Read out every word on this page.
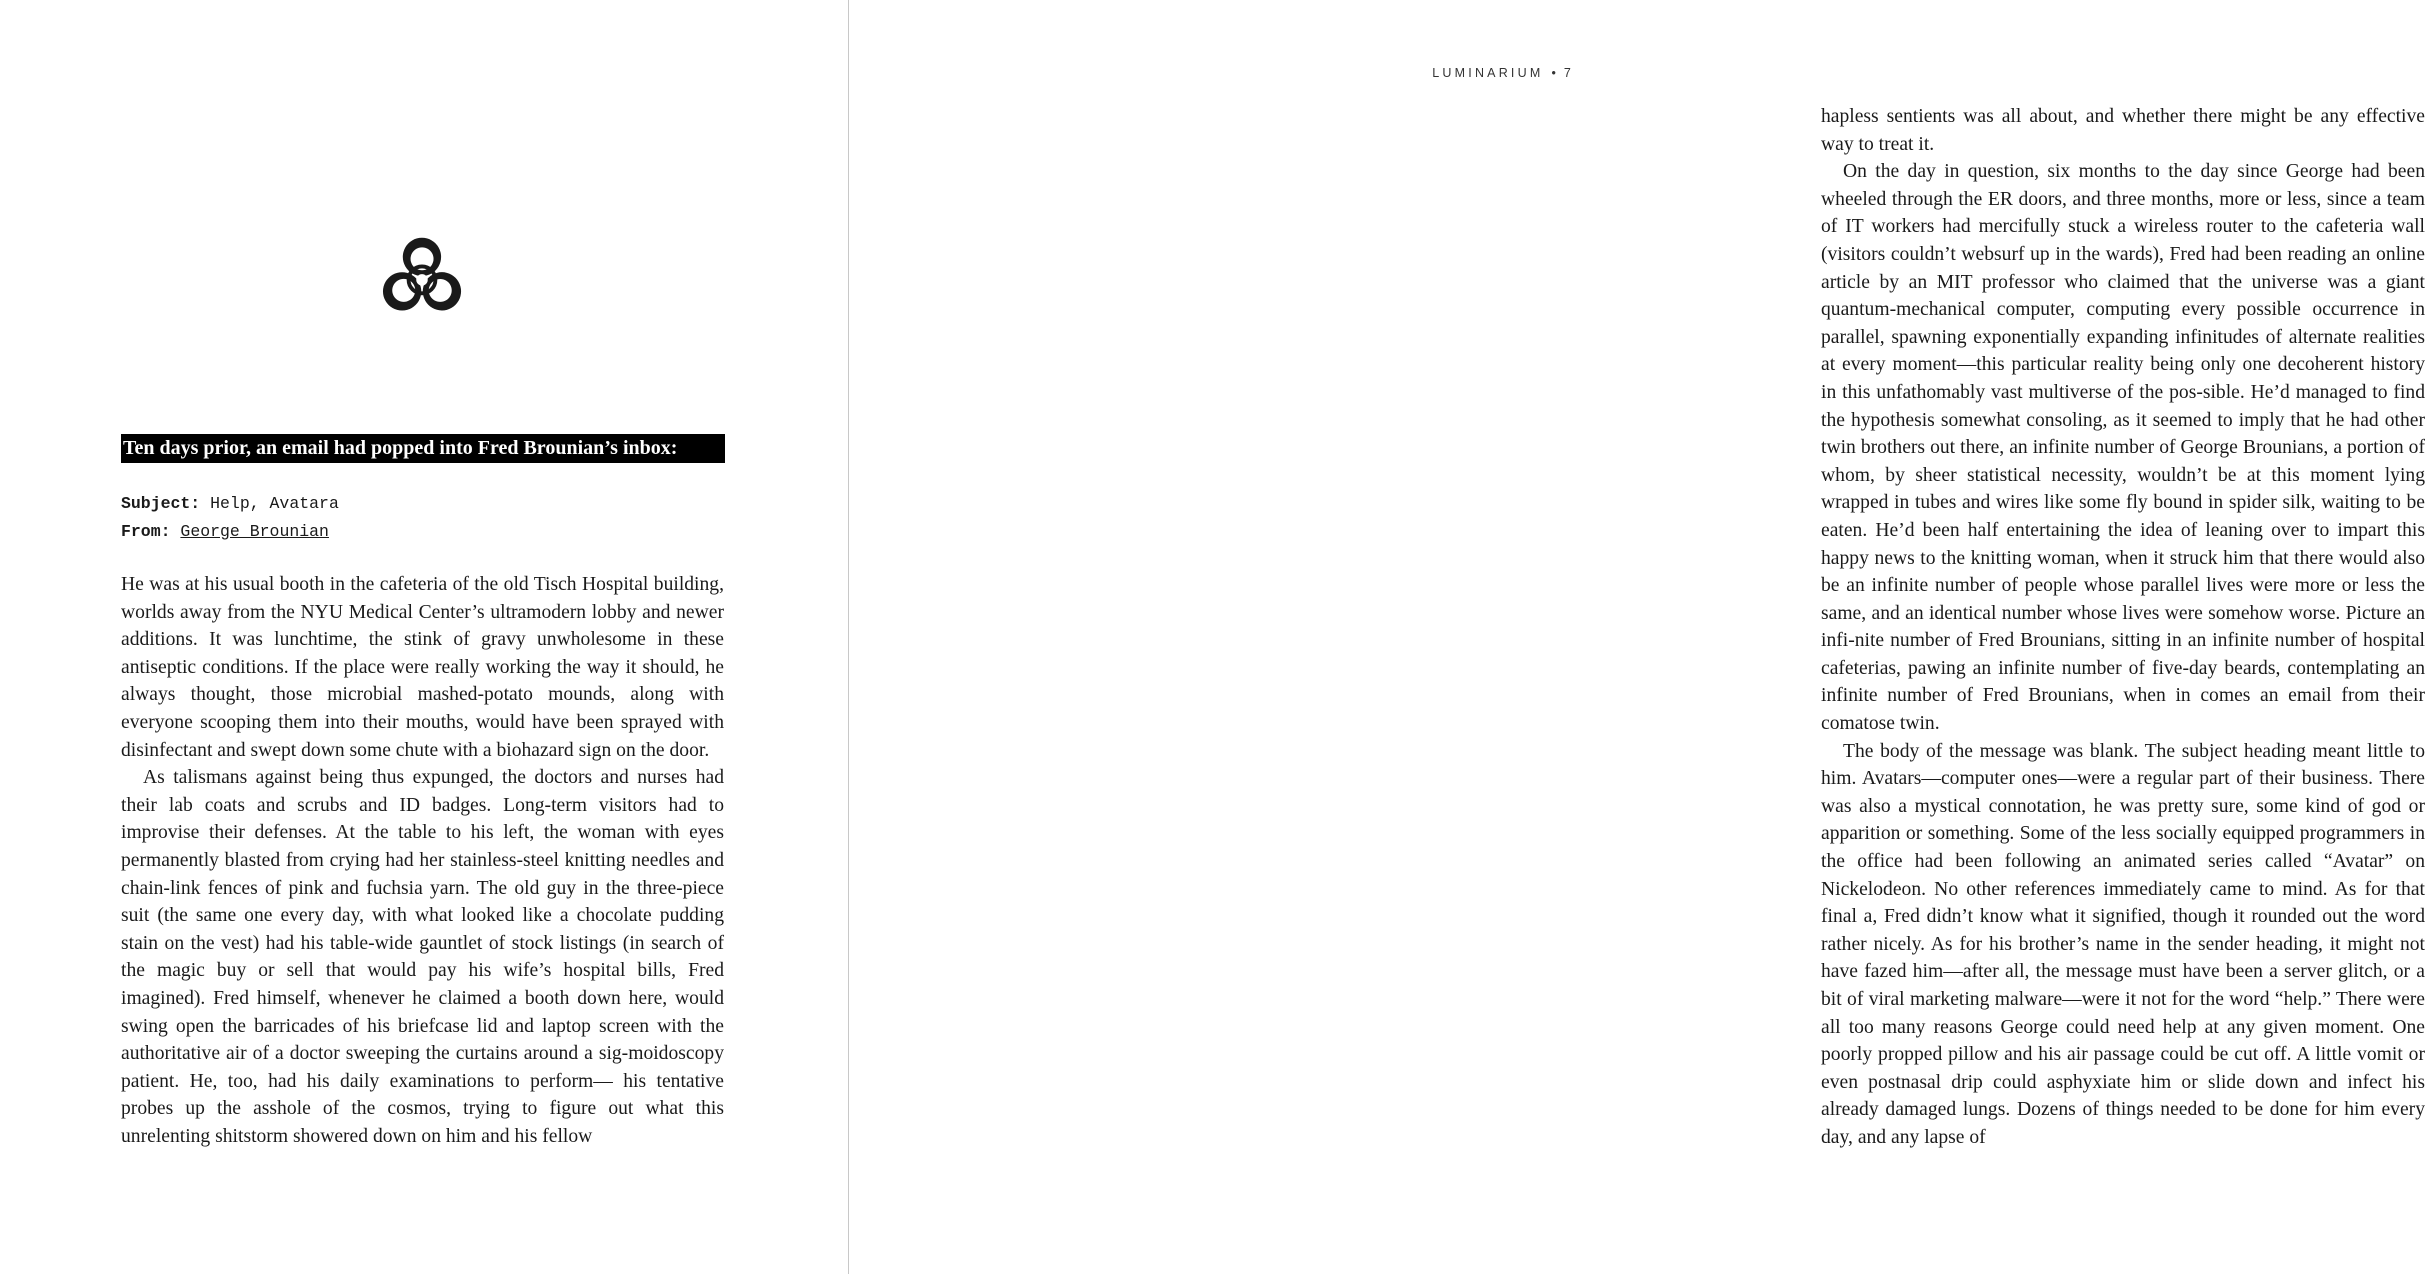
Ten days prior, an email had popped into Fred Brounian’s inbox:
Subject: Help, Avatara
From: George Brounian

He was at his usual booth in the cafeteria of the old Tisch Hospital building, worlds away from the NYU Medical Center’s ultramodern lobby and newer additions. It was lunchtime, the stink of gravy unwholesome in these antiseptic conditions. If the place were really working the way it should, he always thought, those microbial mashed-potato mounds, along with everyone scooping them into their mouths, would have been sprayed with disinfectant and swept down some chute with a biohazard sign on the door.

As talismans against being thus expunged, the doctors and nurses had their lab coats and scrubs and ID badges. Long-term visitors had to improvise their defenses. At the table to his left, the woman with eyes permanently blasted from crying had her stainless-steel knitting needles and chain-link fences of pink and fuchsia yarn. The old guy in the three-piece suit (the same one every day, with what looked like a chocolate pudding stain on the vest) had his table-wide gauntlet of stock listings (in search of the magic buy or sell that would pay his wife’s hospital bills, Fred imagined). Fred himself, whenever he claimed a booth down here, would swing open the barricades of his briefcase lid and laptop screen with the authoritative air of a doctor sweeping the curtains around a sig-moidoscopy patient. He, too, had his daily examinations to perform— his tentative probes up the asshole of the cosmos, trying to figure out what this unrelenting shitstorm showered down on him and his fellow

LUMINARIUM • 7

hapless sentients was all about, and whether there might be any effective way to treat it.

On the day in question, six months to the day since George had been wheeled through the ER doors, and three months, more or less, since a team of IT workers had mercifully stuck a wireless router to the cafeteria wall (visitors couldn’t websurf up in the wards), Fred had been reading an online article by an MIT professor who claimed that the universe was a giant quantum-mechanical computer, computing every possible occurrence in parallel, spawning exponentially expanding infinitudes of alternate realities at every moment—this particular reality being only one decoherent history in this unfathomably vast multiverse of the pos-sible. He’d managed to find the hypothesis somewhat consoling, as it seemed to imply that he had other twin brothers out there, an infinite number of George Brounians, a portion of whom, by sheer statistical necessity, wouldn’t be at this moment lying wrapped in tubes and wires like some fly bound in spider silk, waiting to be eaten. He’d been half entertaining the idea of leaning over to impart this happy news to the knitting woman, when it struck him that there would also be an infinite number of people whose parallel lives were more or less the same, and an identical number whose lives were somehow worse. Picture an infi-nite number of Fred Brounians, sitting in an infinite number of hospital cafeterias, pawing an infinite number of five-day beards, contemplating an infinite number of Fred Brounians, when in comes an email from their comatose twin.

The body of the message was blank. The subject heading meant little to him. Avatars—computer ones—were a regular part of their business. There was also a mystical connotation, he was pretty sure, some kind of god or apparition or something. Some of the less socially equipped programmers in the office had been following an animated series called “Avatar” on Nickelodeon. No other references immediately came to mind. As for that final a, Fred didn’t know what it signified, though it rounded out the word rather nicely. As for his brother’s name in the sender heading, it might not have fazed him—after all, the message must have been a server glitch, or a bit of viral marketing malware—were it not for the word “help.” There were all too many reasons George could need help at any given moment. One poorly propped pillow and his air passage could be cut off. A little vomit or even postnasal drip could asphyxiate him or slide down and infect his already damaged lungs. Dozens of things needed to be done for him every day, and any lapse of
